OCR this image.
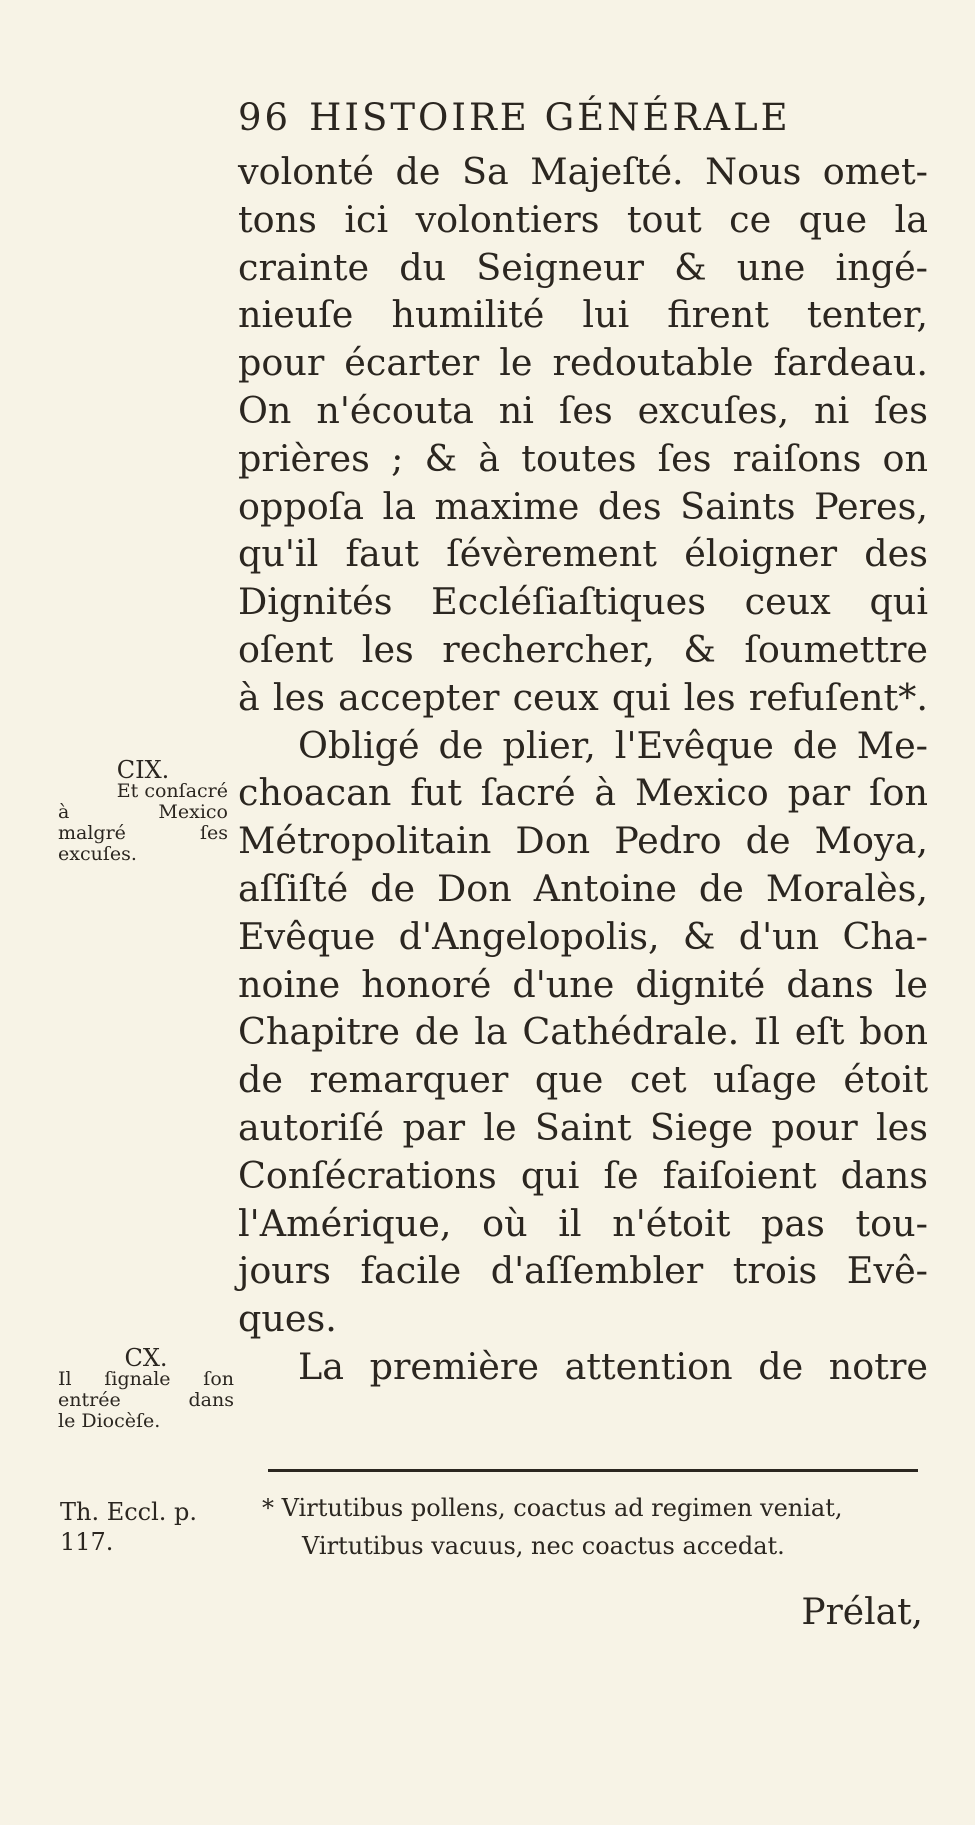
96 HISTOIRE GÉNÉRALE
volonté de Sa Majeſté. Nous omet-
tons ici volontiers tout ce que la
crainte du Seigneur & une ingé-
nieuſe humilité lui firent tenter,
pour écarter le redoutable fardeau.
On n'écouta ni ſes excuſes, ni ſes
prières ; & à toutes ſes raiſons on
oppoſa la maxime des Saints Peres,
qu'il faut ſévèrement éloigner des
Dignités Eccléſiaſtiques ceux qui
oſent les rechercher, & ſoumettre
à les accepter ceux qui les refuſent*.
Obligé de plier, l'Evêque de Me-
choacan fut ſacré à Mexico par ſon
Métropolitain Don Pedro de Moya,
aſſiſté de Don Antoine de Moralès,
Evêque d'Angelopolis, & d'un Cha-
noine honoré d'une dignité dans le
Chapitre de la Cathédrale. Il eſt bon
de remarquer que cet uſage étoit
autoriſé par le Saint Siege pour les
Conſécrations qui ſe faiſoient dans
l'Amérique, où il n'étoit pas tou-
jours facile d'aſſembler trois Evê-
ques.
La première attention de notre
CIX.
Et conſacré
à Mexico
malgré ſes
excuſes.
CX.
Il ſignale ſon
entrée dans
le Diocèſe.
Th. Eccl. p.
117.
* Virtutibus pollens, coactus ad regimen veniat,
Virtutibus vacuus, nec coactus accedat.
Prélat,
